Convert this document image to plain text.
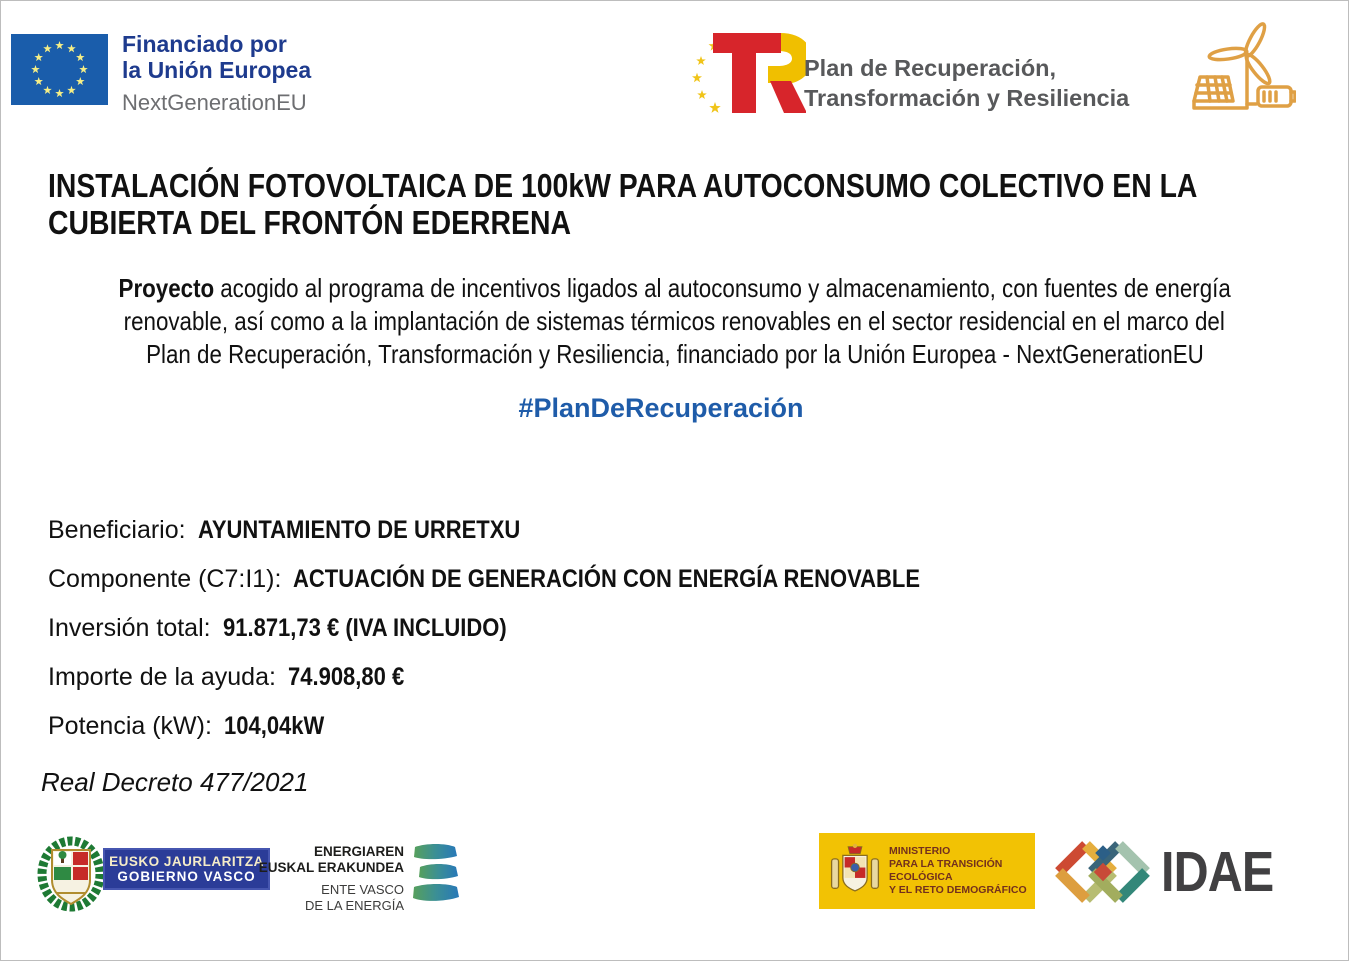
Financiado por
la Unión Europea
NextGenerationEU
Plan de Recuperación,
Transformación y Resiliencia
INSTALACIÓN FOTOVOLTAICA DE 100kW PARA AUTOCONSUMO COLECTIVO EN LA
CUBIERTA DEL FRONTÓN EDERRENA
Proyecto acogido al programa de incentivos ligados al autoconsumo y almacenamiento, con fuentes de energía
renovable, así como a la implantación de sistemas térmicos renovables en el sector residencial en el marco del
Plan de Recuperación, Transformación y Resiliencia, financiado por la Unión Europea - NextGenerationEU
#PlanDeRecuperación
Beneficiario: AYUNTAMIENTO DE URRETXU
Componente (C7:I1): ACTUACIÓN DE GENERACIÓN CON ENERGÍA RENOVABLE
Inversión total: 91.871,73 € (IVA INCLUIDO)
Importe de la ayuda: 74.908,80 €
Potencia (kW): 104,04kW
Real Decreto 477/2021
EUSKO JAURLARITZA
GOBIERNO VASCO
ENERGIAREN
EUSKAL ERAKUNDEA
ENTE VASCO
DE LA ENERGÍA
MINISTERIO
PARA LA TRANSICIÓN ECOLÓGICA
Y EL RETO DEMOGRÁFICO IDAE
